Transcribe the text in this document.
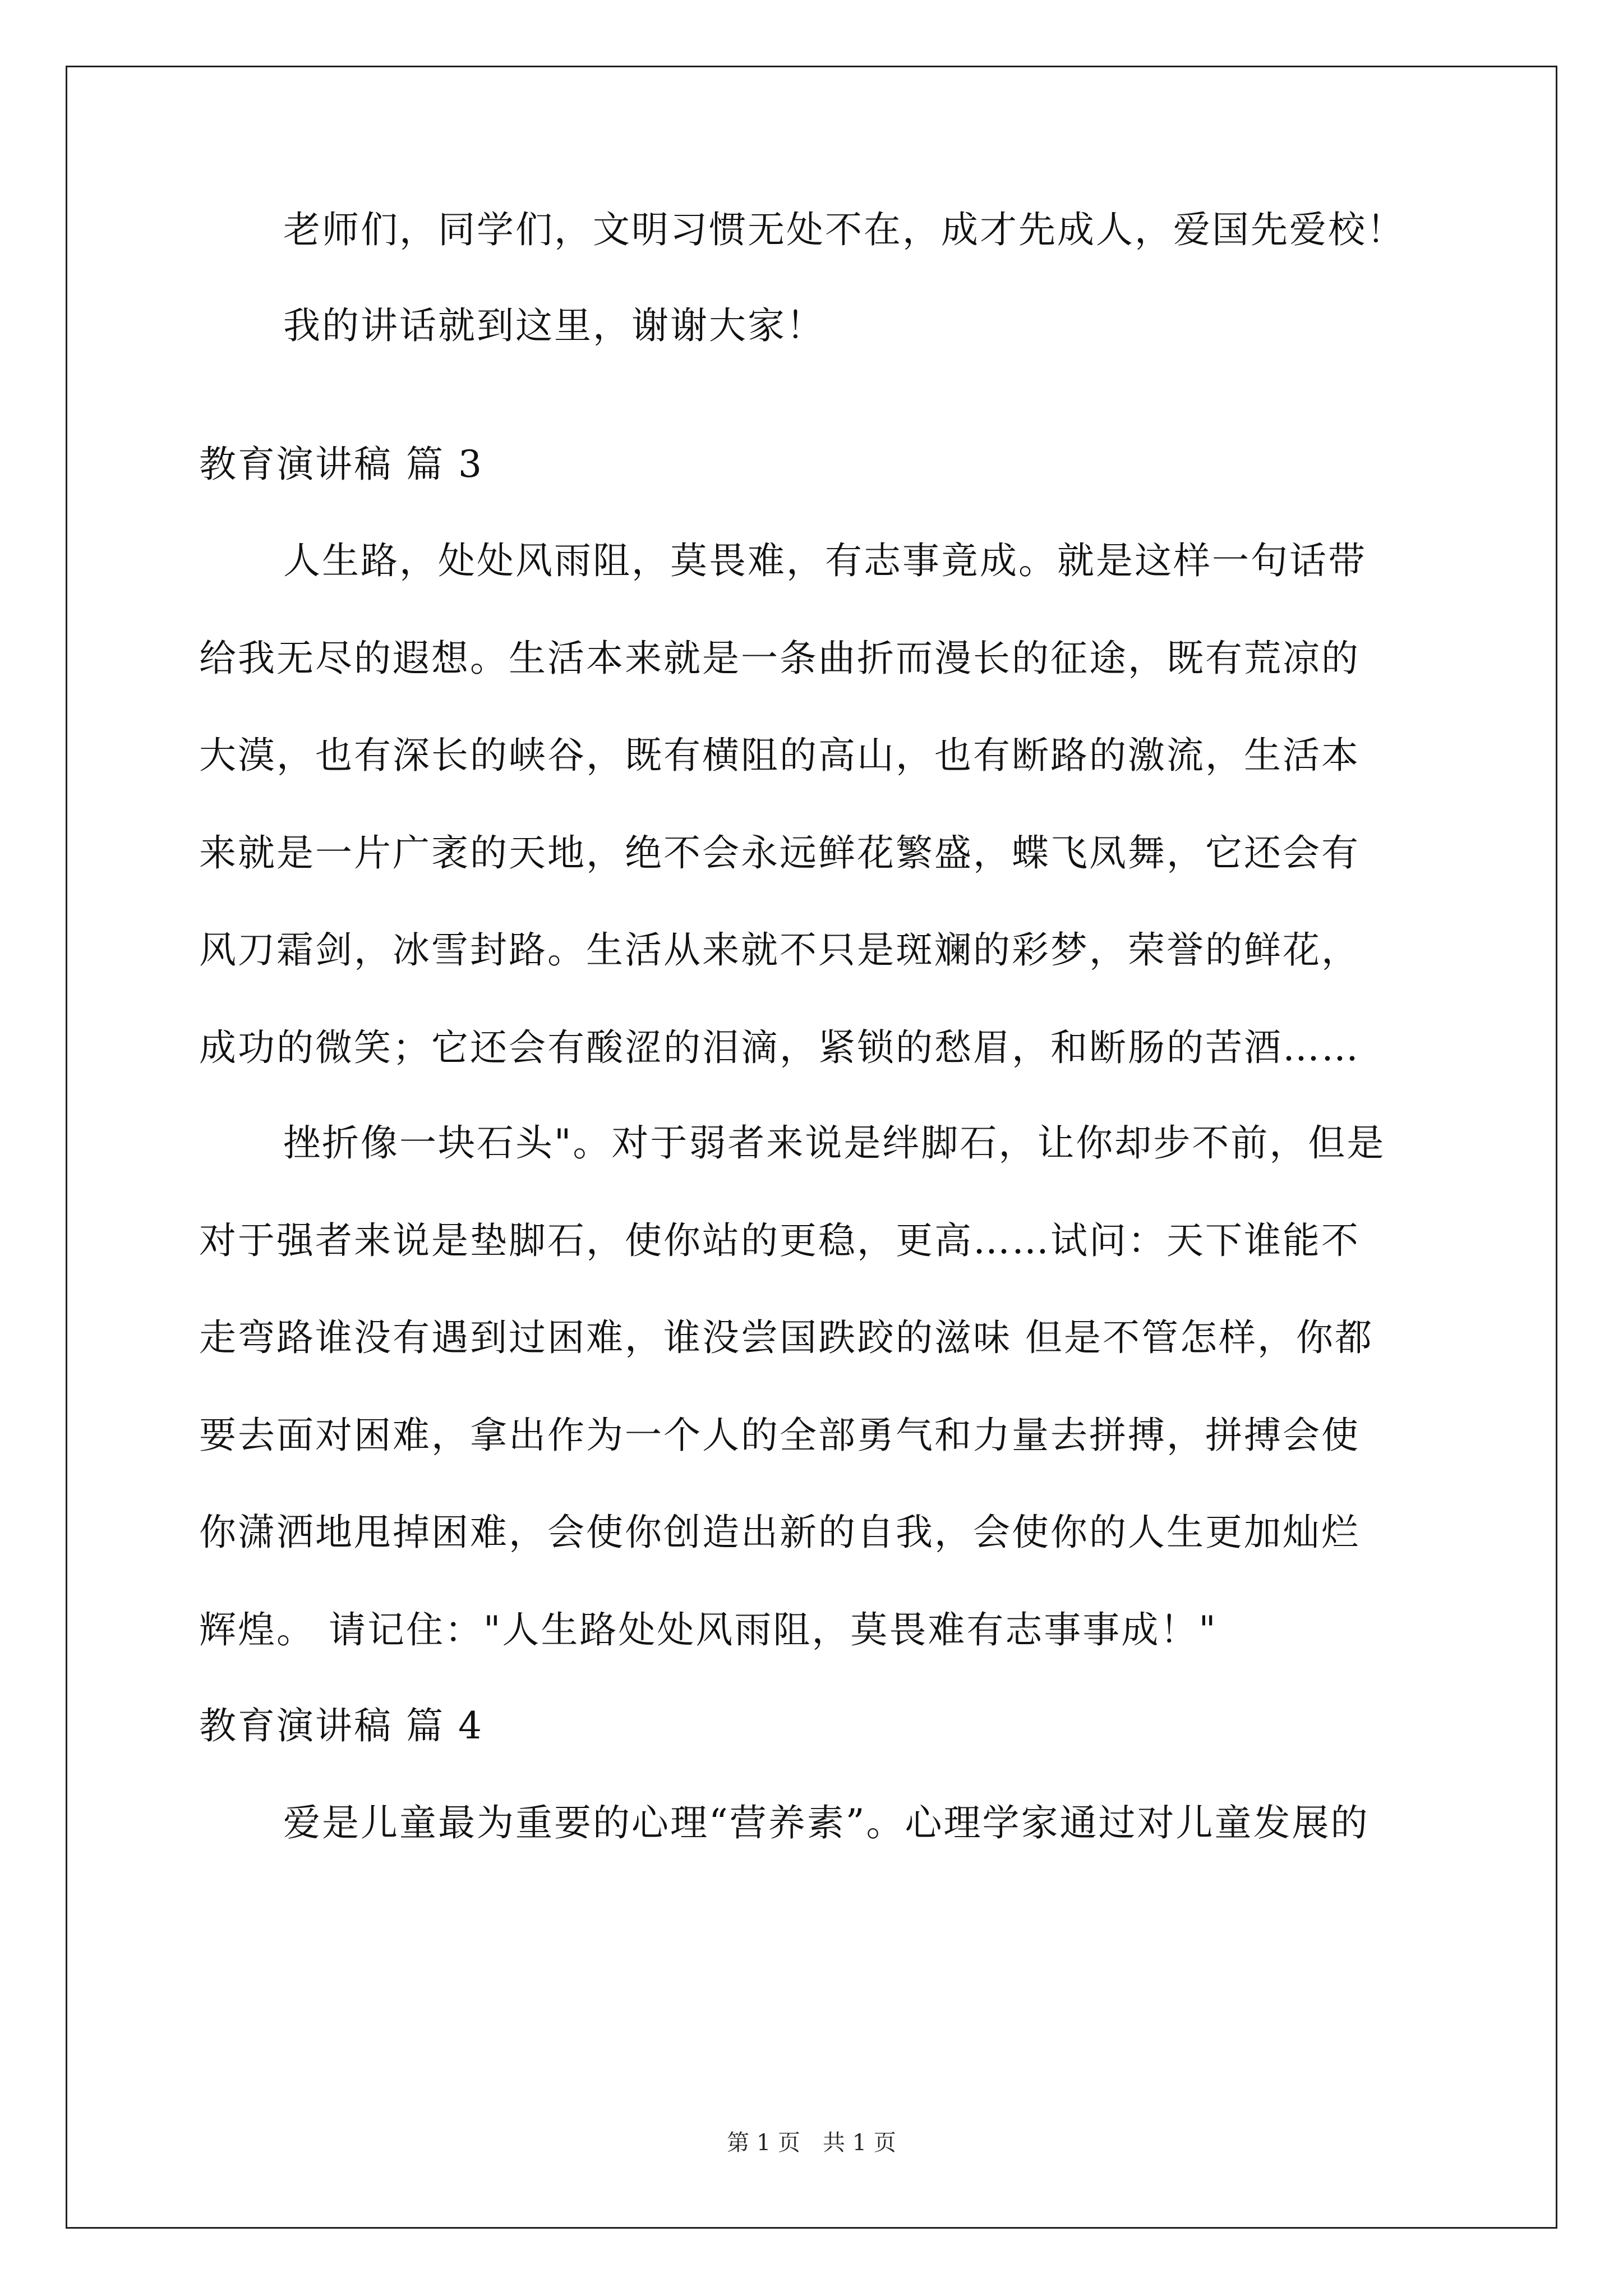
老师们，同学们，文明习惯无处不在，成才先成人，爱国先爱校！
我的讲话就到这里，谢谢大家！
教育演讲稿 篇 3
人生路，处处风雨阻，莫畏难，有志事竟成。就是这样一句话带
给我无尽的遐想。生活本来就是一条曲折而漫长的征途，既有荒凉的
大漠，也有深长的峡谷，既有横阻的高山，也有断路的激流，生活本
来就是一片广袤的天地，绝不会永远鲜花繁盛，蝶飞凤舞，它还会有
风刀霜剑，冰雪封路。生活从来就不只是斑斓的彩梦，荣誉的鲜花，
成功的微笑；它还会有酸涩的泪滴，紧锁的愁眉，和断肠的苦酒……
挫折像一块石头"。对于弱者来说是绊脚石，让你却步不前，但是
对于强者来说是垫脚石，使你站的更稳，更高……试问：天下谁能不
走弯路谁没有遇到过困难，谁没尝国跌跤的滋味 但是不管怎样，你都
要去面对困难，拿出作为一个人的全部勇气和力量去拼搏，拼搏会使
你潇洒地甩掉困难，会使你创造出新的自我，会使你的人生更加灿烂
辉煌。 请记住："人生路处处风雨阻，莫畏难有志事事成！"
教育演讲稿 篇 4
爱是儿童最为重要的心理“营养素”。心理学家通过对儿童发展的
第 1 页　共 1 页
